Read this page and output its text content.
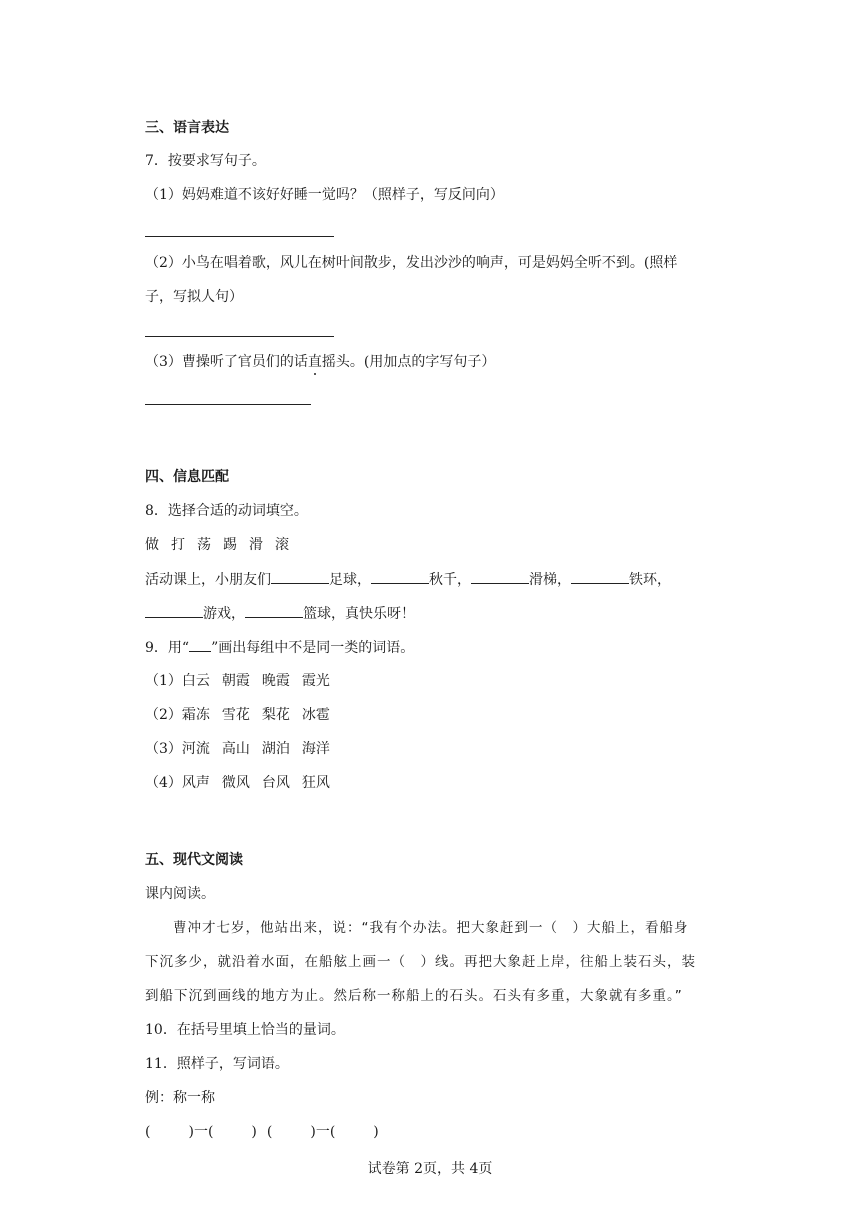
三、语言表达
7．按要求写句子。
（1）妈妈难道不该好好睡一觉吗？（照样子，写反问向）
（2）小鸟在唱着歌，风儿在树叶间散步，发出沙沙的响声，可是妈妈全听不到。(照样
子，写拟人句）
（3）曹操听了官员们的话直摇头。(用加点的字写句子）
四、信息匹配
8．选择合适的动词填空。
做 打 荡 踢 滑 滚
活动课上，小朋友们	足球，	秋千，	滑梯，	铁环，
游戏，	篮球，真快乐呀！
9．用“ ”画出每组中不是同一类的词语。
（1）白云 朝霞 晚霞 霞光
（2）霜冻 雪花 梨花 冰雹
（3）河流 高山 湖泊 海洋
（4）风声 微风 台风 狂风
五、现代文阅读
课内阅读。
曹冲才七岁，他站出来，说：“我有个办法。把大象赶到一（　）大船上，看船身
下沉多少，就沿着水面，在船舷上画一（　）线。再把大象赶上岸，往船上装石头，装
到船下沉到画线的地方为止。然后称一称船上的石头。石头有多重，大象就有多重。”
10．在括号里填上恰当的量词。
11．照样子，写词语。
例：称一称
(	)一(	) (	)一(	)
试卷第 2页，共 4页
